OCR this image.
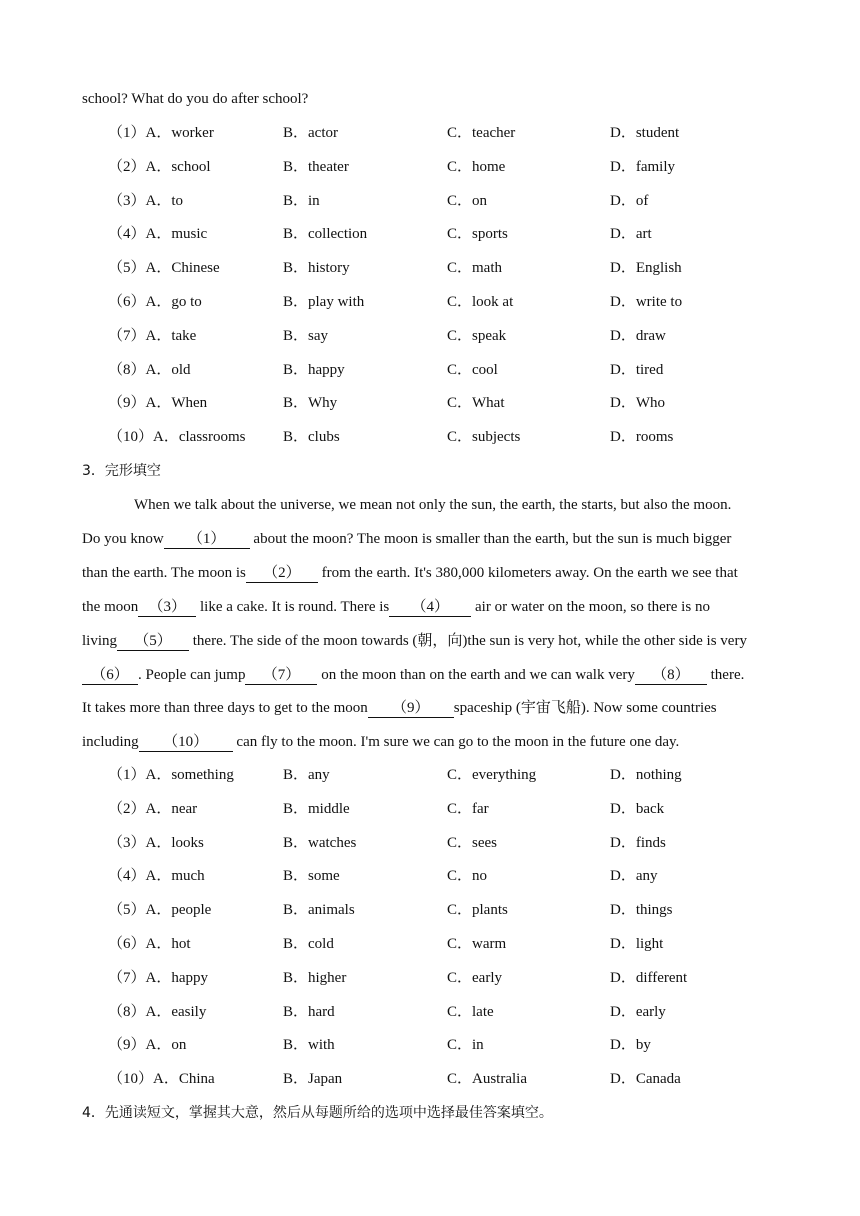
school? What do you do after school?
（1）A．worker	B．actor	C．teacher	D．student
（2）A．school	B．theater	C．home	D．family
（3）A．to	B．in	C．on	D．of
（4）A．music	B．collection	C．sports	D．art
（5）A．Chinese	B．history	C．math	D．English
（6）A．go to	B．play with	C．look at	D．write to
（7）A．take	B．say	C．speak	D．draw
（8）A．old	B．happy	C．cool	D．tired
（9）A．When	B．Why	C．What	D．Who
（10）A．classrooms B．clubs	C．subjects	D．rooms
3．完形填空
When we talk about the universe, we mean not only the sun, the earth, the starts, but also the moon.
Do you know （1） about the moon? The moon is smaller than the earth, but the sun is much bigger
than the earth. The moon is （2） from the earth. It's 380,000 kilometers away. On the earth we see that
the moon （3） like a cake. It is round. There is （4） air or water on the moon, so there is no
living （5） there. The side of the moon towards (朝，向)the sun is very hot, while the other side is very
（6） . People can jump （7） on the moon than on the earth and we can walk very （8） there.
It takes more than three days to get to the moon （9） spaceship (宇宙飞船). Now some countries
including （10） can fly to the moon. I'm sure we can go to the moon in the future one day.
（1）A．something	B．any	C．everything	D．nothing
（2）A．near	B．middle	C．far	D．back
（3）A．looks	B．watches	C．sees	D．finds
（4）A．much	B．some	C．no	D．any
（5）A．people	B．animals	C．plants	D．things
（6）A．hot	B．cold	C．warm	D．light
（7）A．happy	B．higher	C．early	D．different
（8）A．easily	B．hard	C．late	D．early
（9）A．on	B．with	C．in	D．by
（10）A．China	B．Japan	C．Australia	D．Canada
4．先通读短文，掌握其大意，然后从每题所给的选项中选择最佳答案填空。
